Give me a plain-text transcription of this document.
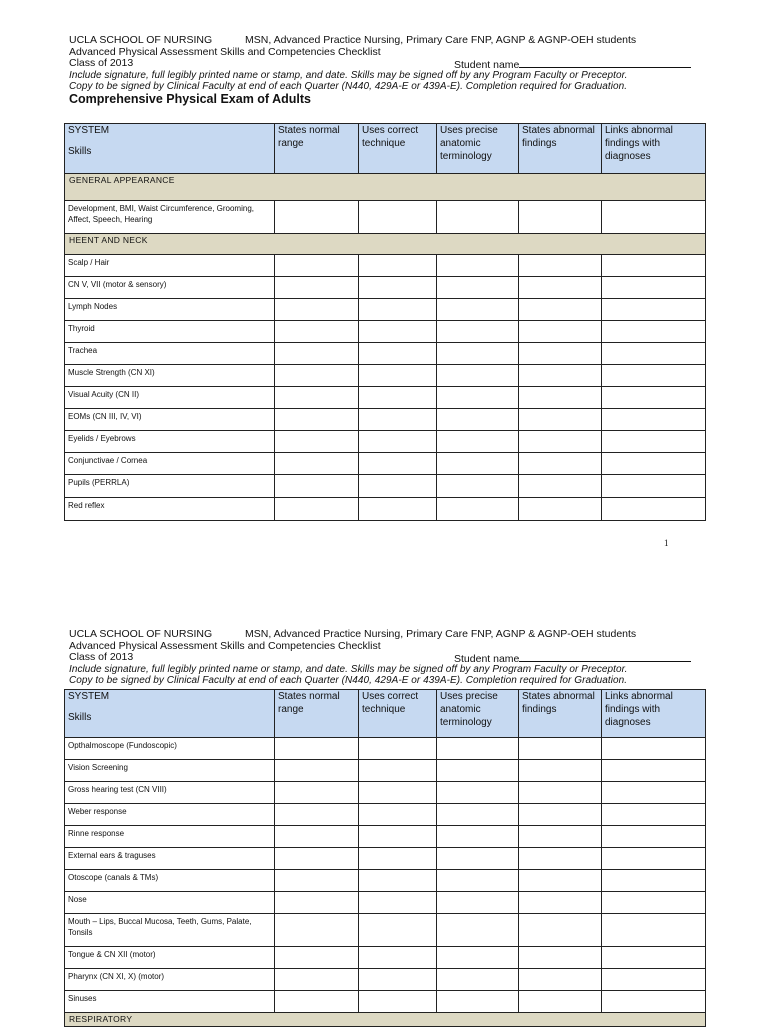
UCLA SCHOOL OF NURSING	MSN, Advanced Practice Nursing, Primary Care FNP, AGNP & AGNP-OEH students
Advanced Physical Assessment Skills and Competencies Checklist
Class of 2013	Student name
Include signature, full legibly printed name or stamp, and date. Skills may be signed off by any Program Faculty or Preceptor.
Copy to be signed by Clinical Faculty at end of each Quarter (N440, 429A-E or 439A-E). Completion required for Graduation.
Comprehensive Physical Exam of Adults
SYSTEM
Skills	States normal range	Uses correct technique	Uses precise anatomic terminology	States abnormal findings	Links abnormal findings with diagnoses
GENERAL APPEARANCE					
Development, BMI, Waist Circumference, Grooming, Affect, Speech, Hearing					
HEENT AND NECK					
Scalp / Hair					
CN V, VII (motor & sensory)					
Lymph Nodes					
Thyroid					
Trachea					
Muscle Strength (CN XI)					
Visual Acuity (CN II)					
EOMs (CN III, IV, VI)					
Eyelids / Eyebrows					
Conjunctivae / Cornea					
Pupils (PERRLA)					
Red reflex					
1
UCLA SCHOOL OF NURSING	MSN, Advanced Practice Nursing, Primary Care FNP, AGNP & AGNP-OEH students
Advanced Physical Assessment Skills and Competencies Checklist
Class of 2013	Student name
Include signature, full legibly printed name or stamp, and date. Skills may be signed off by any Program Faculty or Preceptor.
Copy to be signed by Clinical Faculty at end of each Quarter (N440, 429A-E or 439A-E). Completion required for Graduation.
SYSTEM
Skills	States normal range	Uses correct technique	Uses precise anatomic terminology	States abnormal findings	Links abnormal findings with diagnoses
Opthalmoscope (Fundoscopic)					
Vision Screening					
Gross hearing test (CN VIII)					
Weber response					
Rinne response					
External ears & traguses					
Otoscope (canals & TMs)					
Nose					
Mouth – Lips, Buccal Mucosa, Teeth, Gums, Palate, Tonsils					
Tongue & CN XII (motor)					
Pharynx (CN XI, X) (motor)					
Sinuses					
RESPIRATORY					
